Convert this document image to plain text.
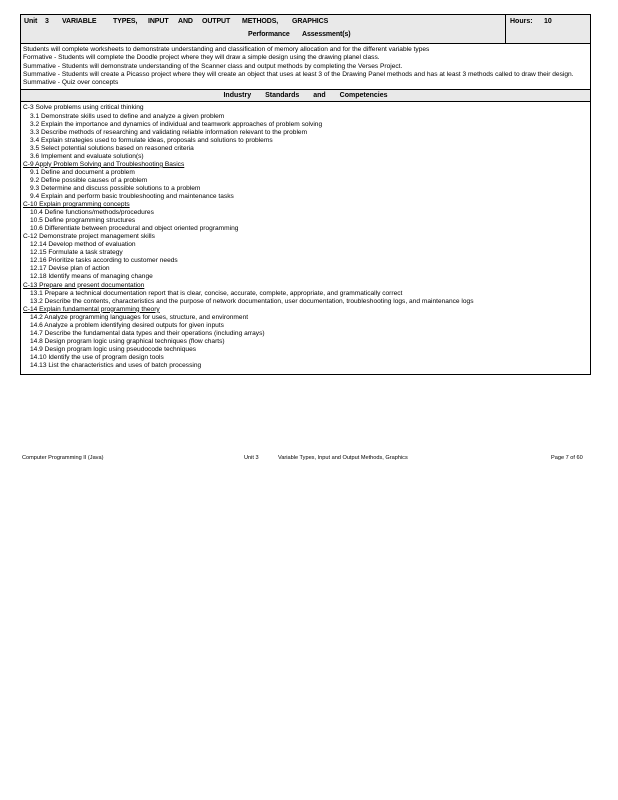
Unit 3 VARIABLE TYPES, INPUT AND OUTPUT METHODS, GRAPHICS
Performance Assessment(s)
Hours: 10

Students will complete worksheets to demonstrate understanding and classification of memory allocation and for the different variable types

Formative - Students will complete the Doodle project where they will draw a simple design using the drawing planel class.

Summative - Students will demonstrate understanding of the Scanner class and output methods by completing the Verses Project.

Summative - Students will create a Picasso project where they will create an object that uses at least 3 of the Drawing Panel methods and has at least 3 methods called to draw their design.

Summative - Quiz over concepts

Industry Standards and Competencies
C-3 Solve problems using critical thinking
3.1 Demonstrate skills used to define and analyze a given problem
3.2 Explain the importance and dynamics of individual and teamwork approaches of problem solving
3.3 Describe methods of researching and validating reliable information relevant to the problem
3.4 Explain strategies used to formulate ideas, proposals and solutions to problems
3.5 Select potential solutions based on reasoned criteria
3.6 Implement and evaluate solution(s)
C-9 Apply Problem Solving and Troubleshooting Basics
9.1 Define and document a problem
9.2 Define possible causes of a problem
9.3 Determine and discuss possible solutions to a problem
9.4 Explain and perform basic troubleshooting and maintenance tasks
C-10 Explain programming concepts
10.4 Define functions/methods/procedures
10.5 Define programming structures
10.6 Differentiate between procedural and object oriented programming
C-12 Demonstrate project management skills
12.14 Develop method of evaluation
12.15 Formulate a task strategy
12.16 Prioritize tasks according to customer needs
12.17 Devise plan of action
12.18 Identify means of managing change
C-13 Prepare and present documentation
13.1 Prepare a technical documentation report that is clear, concise, accurate, complete, appropriate, and grammatically correct
13.2 Describe the contents, characteristics and the purpose of network documentation, user documentation, troubleshooting logs, and maintenance logs
C-14 Explain fundamental programming theory
14.2 Analyze programming languages for uses, structure, and environment
14.6 Analyze a problem identifying desired outputs for given inputs
14.7 Describe the fundamental data types and their operations (including arrays)
14.8 Design program logic using graphical techniques (flow charts)
14.9 Design program logic using pseudocode techniques
14.10 Identify the use of program design tools
14.13 List the characteristics and uses of batch processing
Computer Programming II (Java)	Unit 3	Variable Types, Input and Output Methods, Graphics	Page 7 of 60
